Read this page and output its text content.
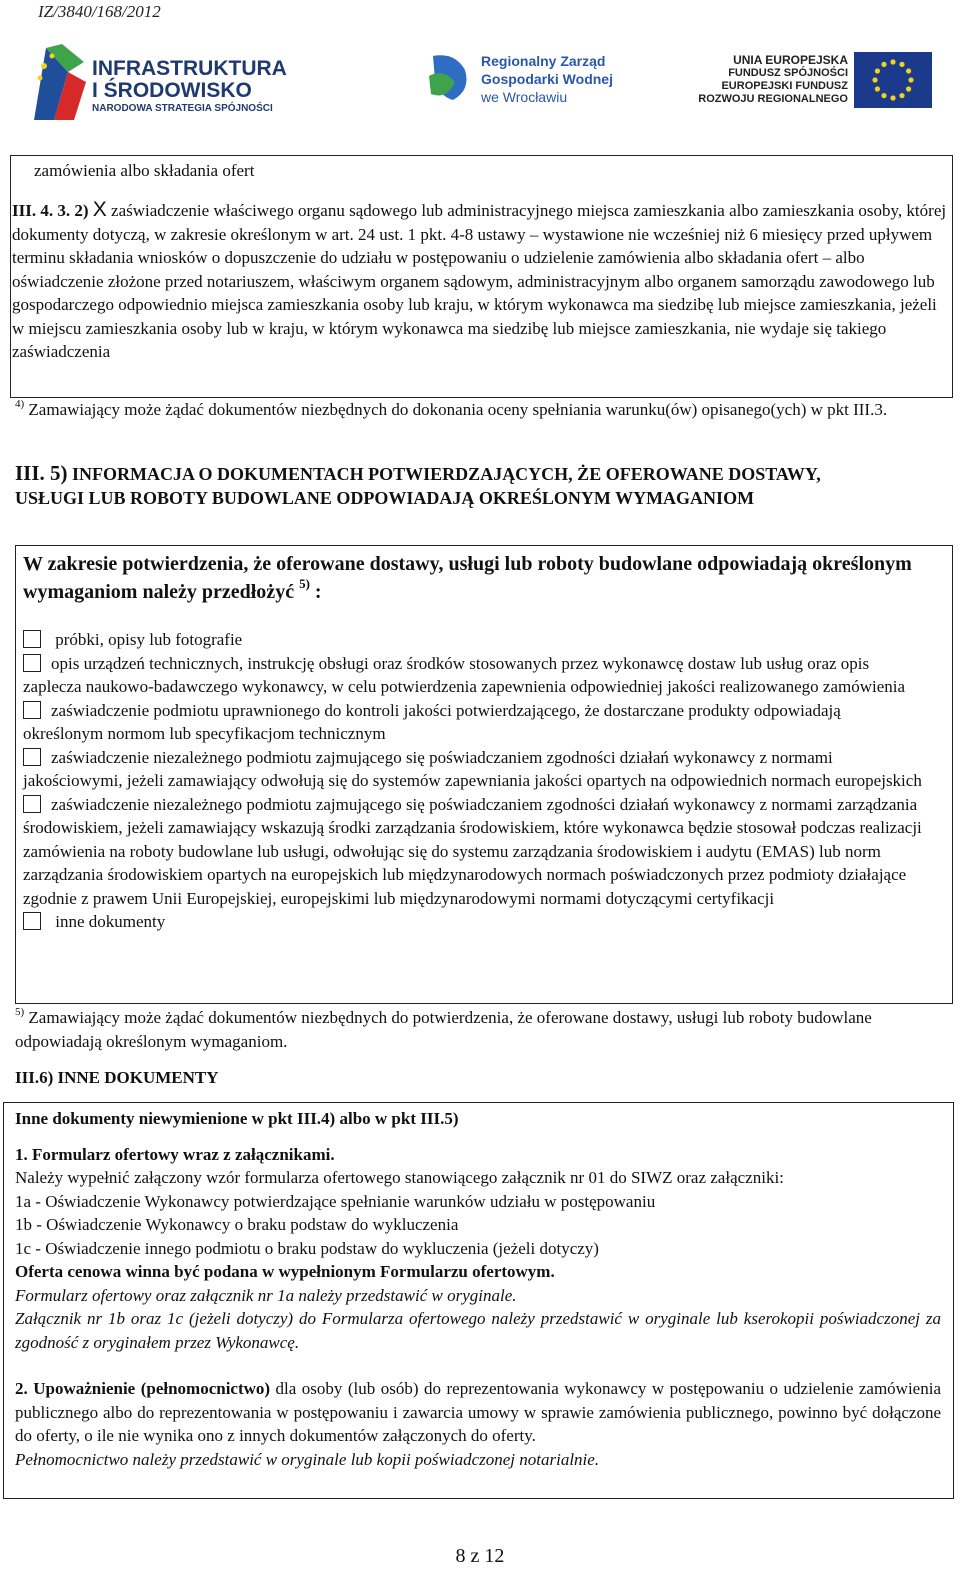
IZ/3840/168/2012
INFRASTRUKTURA
I ŚRODOWISKO
NARODOWA STRATEGIA SPÓJNOŚCI
Regionalny Zarząd
Gospodarki Wodnej
we Wrocławiu
UNIA EUROPEJSKA
FUNDUSZ SPÓJNOŚCI
EUROPEJSKI FUNDUSZ
ROZWOJU REGIONALNEGO
zamówienia albo składania ofert

III. 4. 3. 2) X zaświadczenie właściwego organu sądowego lub administracyjnego miejsca zamieszkania albo zamieszkania osoby, której dokumenty dotyczą, w zakresie określonym w art. 24 ust. 1 pkt. 4-8 ustawy – wystawione nie wcześniej niż 6 miesięcy przed upływem terminu składania wniosków o dopuszczenie do udziału w postępowaniu o udzielenie zamówienia albo składania ofert – albo oświadczenie złożone przed notariuszem, właściwym organem sądowym, administracyjnym albo organem samorządu zawodowego lub gospodarczego odpowiednio miejsca zamieszkania osoby lub kraju, w którym wykonawca ma siedzibę lub miejsce zamieszkania, jeżeli w miejscu zamieszkania osoby lub w kraju, w którym wykonawca ma siedzibę lub miejsce zamieszkania, nie wydaje się takiego zaświadczenia

$^{4)}$ Zamawiający może żądać dokumentów niezbędnych do dokonania oceny spełniania warunku(ów) opisanego(ych) w pkt III.3.

III. 5) INFORMACJA O DOKUMENTACH POTWIERDZAJĄCYCH, ŻE OFEROWANE DOSTAWY, USŁUGI LUB ROBOTY BUDOWLANE ODPOWIADAJĄ OKREŚLONYM WYMAGANIOM
W zakresie potwierdzenia, że oferowane dostawy, usługi lub roboty budowlane odpowiadają określonym wymaganiom należy przedłożyć $^{5)}$ :

próbki, opisy lub fotografie

opis urządzeń technicznych, instrukcję obsługi oraz środków stosowanych przez wykonawcę dostaw lub usług oraz opis zaplecza naukowo-badawczego wykonawcy, w celu potwierdzenia zapewnienia odpowiedniej jakości realizowanego zamówienia

zaświadczenie podmiotu uprawnionego do kontroli jakości potwierdzającego, że dostarczane produkty odpowiadają określonym normom lub specyfikacjom technicznym

zaświadczenie niezależnego podmiotu zajmującego się poświadczaniem zgodności działań wykonawcy z normami jakościowymi, jeżeli zamawiający odwołują się do systemów zapewniania jakości opartych na odpowiednich normach europejskich

zaświadczenie niezależnego podmiotu zajmującego się poświadczaniem zgodności działań wykonawcy z normami zarządzania środowiskiem, jeżeli zamawiający wskazują środki zarządzania środowiskiem, które wykonawca będzie stosował podczas realizacji zamówienia na roboty budowlane lub usługi, odwołując się do systemu zarządzania środowiskiem i audytu (EMAS) lub norm zarządzania środowiskiem opartych na europejskich lub międzynarodowych normach poświadczonych przez podmioty działające zgodnie z prawem Unii Europejskiej, europejskimi lub międzynarodowymi normami dotyczącymi certyfikacji

inne dokumenty

$^{5)}$ Zamawiający może żądać dokumentów niezbędnych do potwierdzenia, że oferowane dostawy, usługi lub roboty budowlane odpowiadają określonym wymaganiom.

III.6) INNE DOKUMENTY

Inne dokumenty niewymienione w pkt III.4) albo w pkt III.5)

1. Formularz ofertowy wraz z załącznikami.

Należy wypełnić załączony wzór formularza ofertowego stanowiącego załącznik nr 01 do SIWZ oraz załączniki:

1a - Oświadczenie Wykonawcy potwierdzające spełnianie warunków udziału w postępowaniu

1b - Oświadczenie Wykonawcy o braku podstaw do wykluczenia

1c - Oświadczenie innego podmiotu o braku podstaw do wykluczenia (jeżeli dotyczy)

Oferta cenowa winna być podana w wypełnionym Formularzu ofertowym.

Formularz ofertowy oraz załącznik nr 1a należy przedstawić w oryginale.

Załącznik nr 1b oraz 1c (jeżeli dotyczy) do Formularza ofertowego należy przedstawić w oryginale lub kserokopii poświadczonej za zgodność z oryginałem przez Wykonawcę.

2. Upoważnienie (pełnomocnictwo) dla osoby (lub osób) do reprezentowania wykonawcy w postępowaniu o udzielenie zamówienia publicznego albo do reprezentowania w postępowaniu i zawarcia umowy w sprawie zamówienia publicznego, powinno być dołączone do oferty, o ile nie wynika ono z innych dokumentów załączonych do oferty.

Pełnomocnictwo należy przedstawić w oryginale lub kopii poświadczonej notarialnie.

8 z 12
